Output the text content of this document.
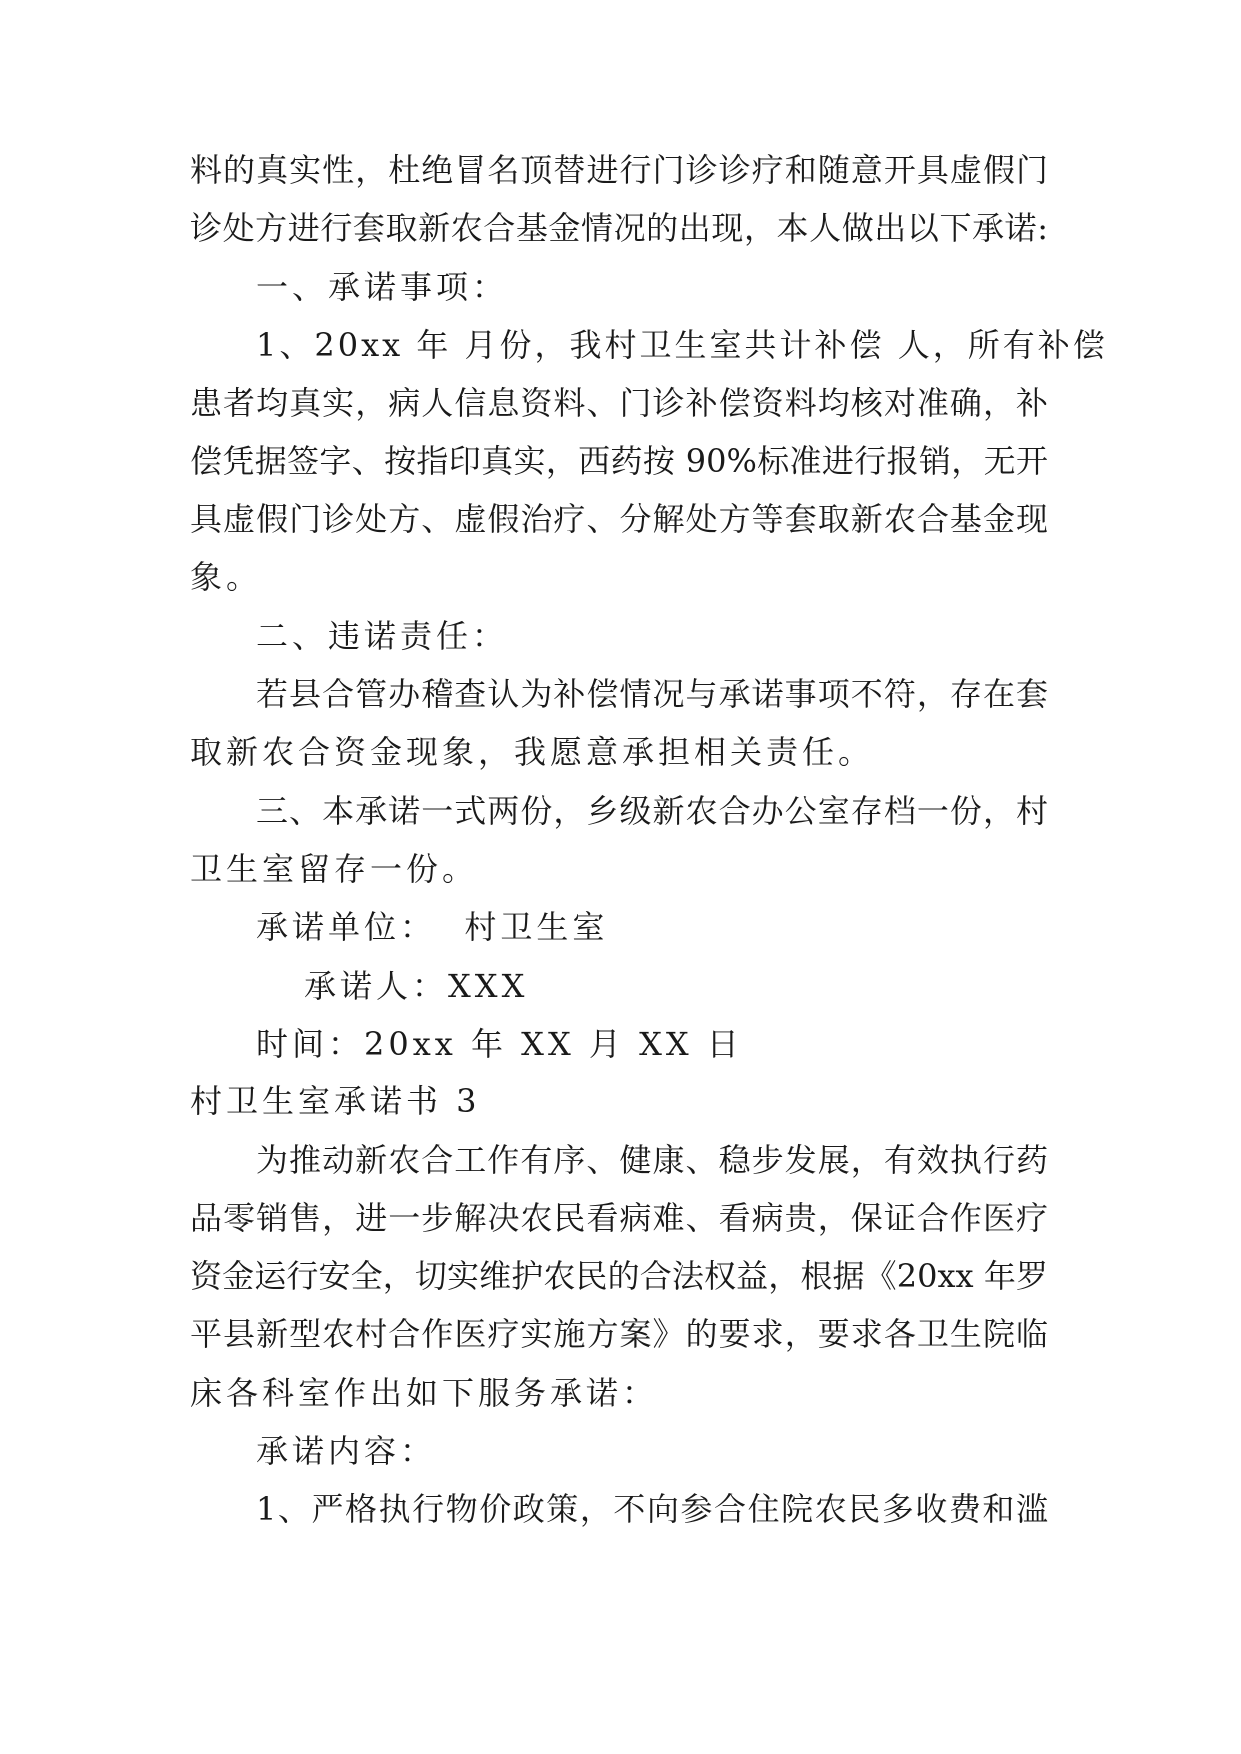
料的真实性，杜绝冒名顶替进行门诊诊疗和随意开具虚假门
诊处方进行套取新农合基金情况的出现，本人做出以下承诺:
一、承诺事项：
1、20xx 年 月份，我村卫生室共计补偿 人，所有补偿
患者均真实，病人信息资料、门诊补偿资料均核对准确，补
偿凭据签字、按指印真实，西药按 90%标准进行报销，无开
具虚假门诊处方、虚假治疗、分解处方等套取新农合基金现
象。
二、违诺责任：
若县合管办稽查认为补偿情况与承诺事项不符，存在套
取新农合资金现象，我愿意承担相关责任。
三、本承诺一式两份，乡级新农合办公室存档一份，村
卫生室留存一份。
承诺单位：  村卫生室
承诺人：XXX
时间：20xx 年 XX 月 XX 日
村卫生室承诺书 3
为推动新农合工作有序、健康、稳步发展，有效执行药
品零销售，进一步解决农民看病难、看病贵，保证合作医疗
资金运行安全，切实维护农民的合法权益，根据《20xx 年罗
平县新型农村合作医疗实施方案》的要求，要求各卫生院临
床各科室作出如下服务承诺：
承诺内容：
1、严格执行物价政策，不向参合住院农民多收费和滥
